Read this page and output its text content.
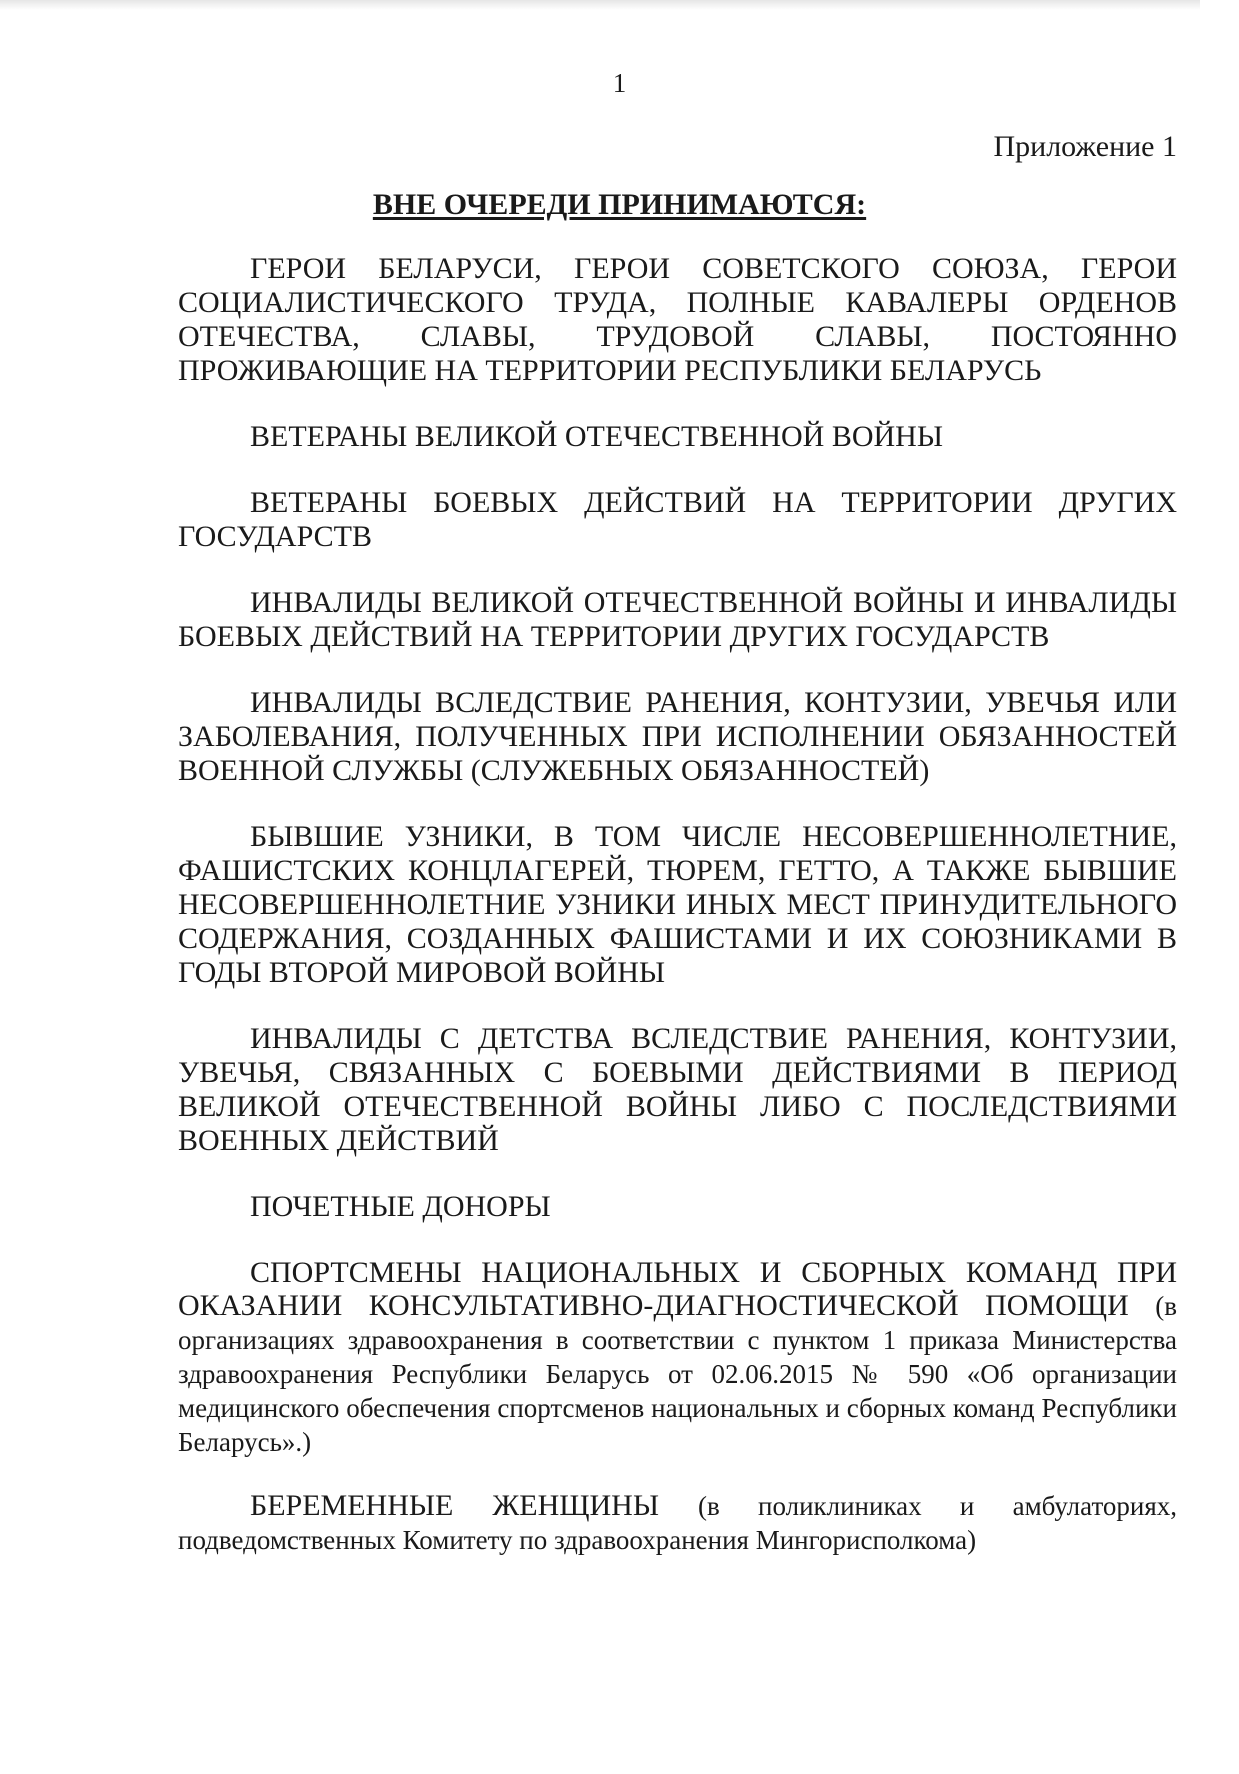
1
Приложение 1
ВНЕ ОЧЕРЕДИ ПРИНИМАЮТСЯ:

ГЕРОИ БЕЛАРУСИ, ГЕРОИ СОВЕТСКОГО СОЮЗА, ГЕРОИ СОЦИАЛИСТИЧЕСКОГО ТРУДА, ПОЛНЫЕ КАВАЛЕРЫ ОРДЕНОВ ОТЕЧЕСТВА, СЛАВЫ, ТРУДОВОЙ СЛАВЫ, ПОСТОЯННО ПРОЖИВАЮЩИЕ НА ТЕРРИТОРИИ РЕСПУБЛИКИ БЕЛАРУСЬ

ВЕТЕРАНЫ ВЕЛИКОЙ ОТЕЧЕСТВЕННОЙ ВОЙНЫ

ВЕТЕРАНЫ БОЕВЫХ ДЕЙСТВИЙ НА ТЕРРИТОРИИ ДРУГИХ ГОСУДАРСТВ

ИНВАЛИДЫ ВЕЛИКОЙ ОТЕЧЕСТВЕННОЙ ВОЙНЫ И ИНВАЛИДЫ БОЕВЫХ ДЕЙСТВИЙ НА ТЕРРИТОРИИ ДРУГИХ ГОСУДАРСТВ

ИНВАЛИДЫ ВСЛЕДСТВИЕ РАНЕНИЯ, КОНТУЗИИ, УВЕЧЬЯ ИЛИ ЗАБОЛЕВАНИЯ, ПОЛУЧЕННЫХ ПРИ ИСПОЛНЕНИИ ОБЯЗАННОСТЕЙ ВОЕННОЙ СЛУЖБЫ (СЛУЖЕБНЫХ ОБЯЗАННОСТЕЙ)

БЫВШИЕ УЗНИКИ, В ТОМ ЧИСЛЕ НЕСОВЕРШЕННОЛЕТНИЕ, ФАШИСТСКИХ КОНЦЛАГЕРЕЙ, ТЮРЕМ, ГЕТТО, А ТАКЖЕ БЫВШИЕ НЕСОВЕРШЕННОЛЕТНИЕ УЗНИКИ ИНЫХ МЕСТ ПРИНУДИТЕЛЬНОГО СОДЕРЖАНИЯ, СОЗДАННЫХ ФАШИСТАМИ И ИХ СОЮЗНИКАМИ В ГОДЫ ВТОРОЙ МИРОВОЙ ВОЙНЫ

ИНВАЛИДЫ С ДЕТСТВА ВСЛЕДСТВИЕ РАНЕНИЯ, КОНТУЗИИ, УВЕЧЬЯ, СВЯЗАННЫХ С БОЕВЫМИ ДЕЙСТВИЯМИ В ПЕРИОД ВЕЛИКОЙ ОТЕЧЕСТВЕННОЙ ВОЙНЫ ЛИБО С ПОСЛЕДСТВИЯМИ ВОЕННЫХ ДЕЙСТВИЙ

ПОЧЕТНЫЕ ДОНОРЫ

СПОРТСМЕНЫ НАЦИОНАЛЬНЫХ И СБОРНЫХ КОМАНД ПРИ ОКАЗАНИИ КОНСУЛЬТАТИВНО-ДИАГНОСТИЧЕСКОЙ ПОМОЩИ (в организациях здравоохранения в соответствии с пунктом 1 приказа Министерства здравоохранения Республики Беларусь от 02.06.2015 № 590 «Об организации медицинского обеспечения спортсменов национальных и сборных команд Республики Беларусь».)

БЕРЕМЕННЫЕ ЖЕНЩИНЫ (в поликлиниках и амбулаториях, подведомственных Комитету по здравоохранения Мингорисполкома)
